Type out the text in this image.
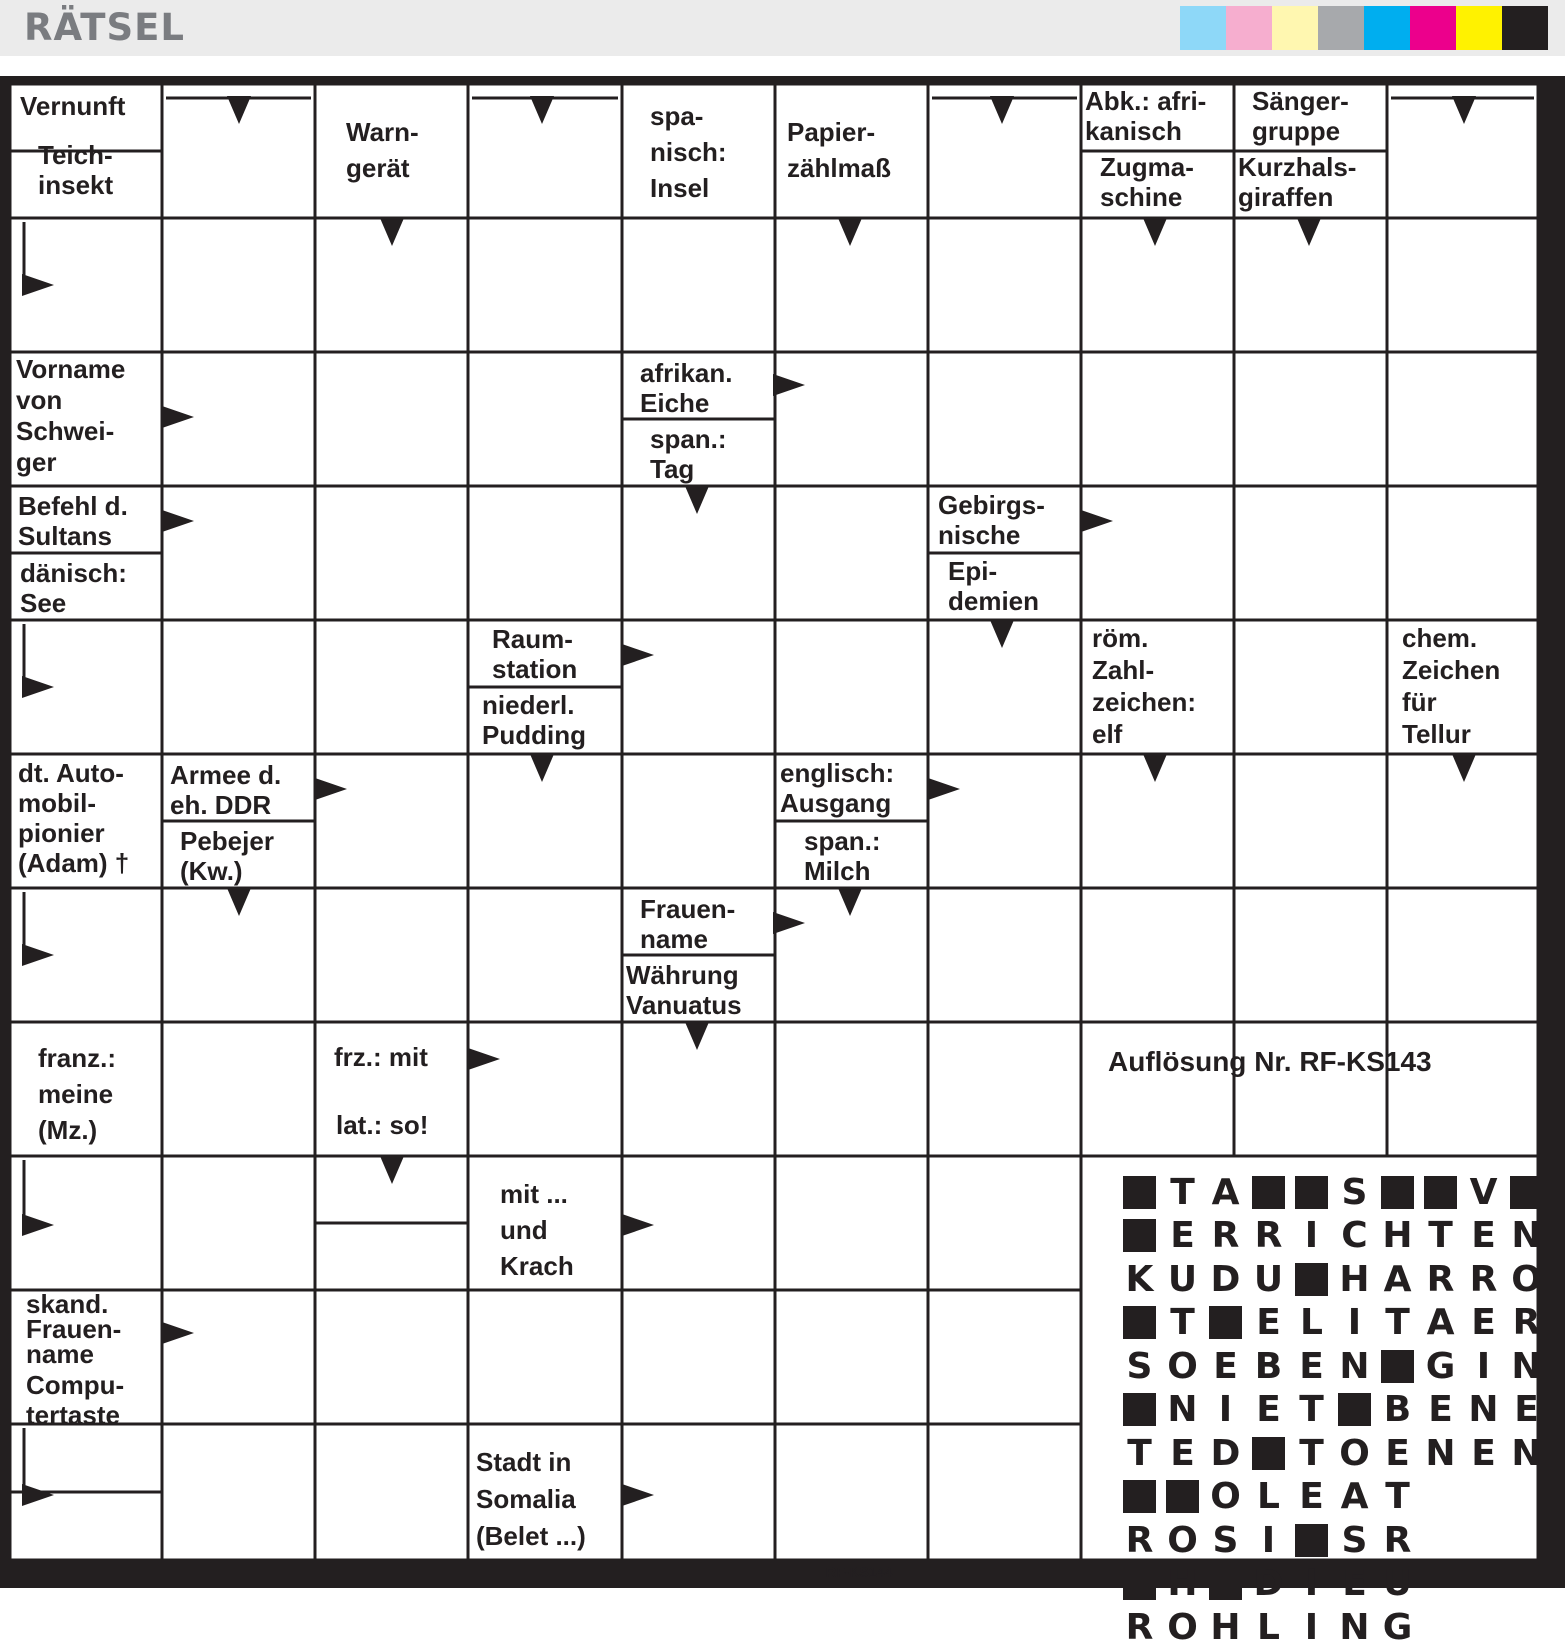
RÄTSEL
Vernunft
Teich-
insekt
Warn-
gerät
spa-
nisch:
Insel
Papier-
zählmaß
Abk.: afri-
kanisch
Zugma-
schine
Sänger-
gruppe
Kurzhals-
giraffen
Vorname
von
Schwei-
ger
afrikan.
Eiche
span.:
Tag
Befehl d.
Sultans
dänisch:
See
Gebirgs-
nische
Epi-
demien
Raum-
station
niederl.
Pudding
röm.
Zahl-
zeichen:
elf
chem.
Zeichen
für
Tellur
dt. Auto-
mobil-
pionier
(Adam) †
Armee d.
eh. DDR
Pebejer
(Kw.)
englisch:
Ausgang
span.:
Milch
Frauen-
name
Währung
Vanuatus
franz.:
meine
(Mz.)
frz.: mit
lat.: so!
mit ...
und
Krach
skand.
Frauen-
name
Compu-
tertaste
Stadt in
Somalia
(Belet ...)
Auflösung Nr. RF-KS143
T A	S	V
E R R I C H T E N
K U D U H A R R O
T E L I T A E R
S O E B E N G I N
N I E T B E N E
T E D T O E N E N
O L E A T
R O S I	S R
H D I E U
R O H L I N G
RF-KS144
